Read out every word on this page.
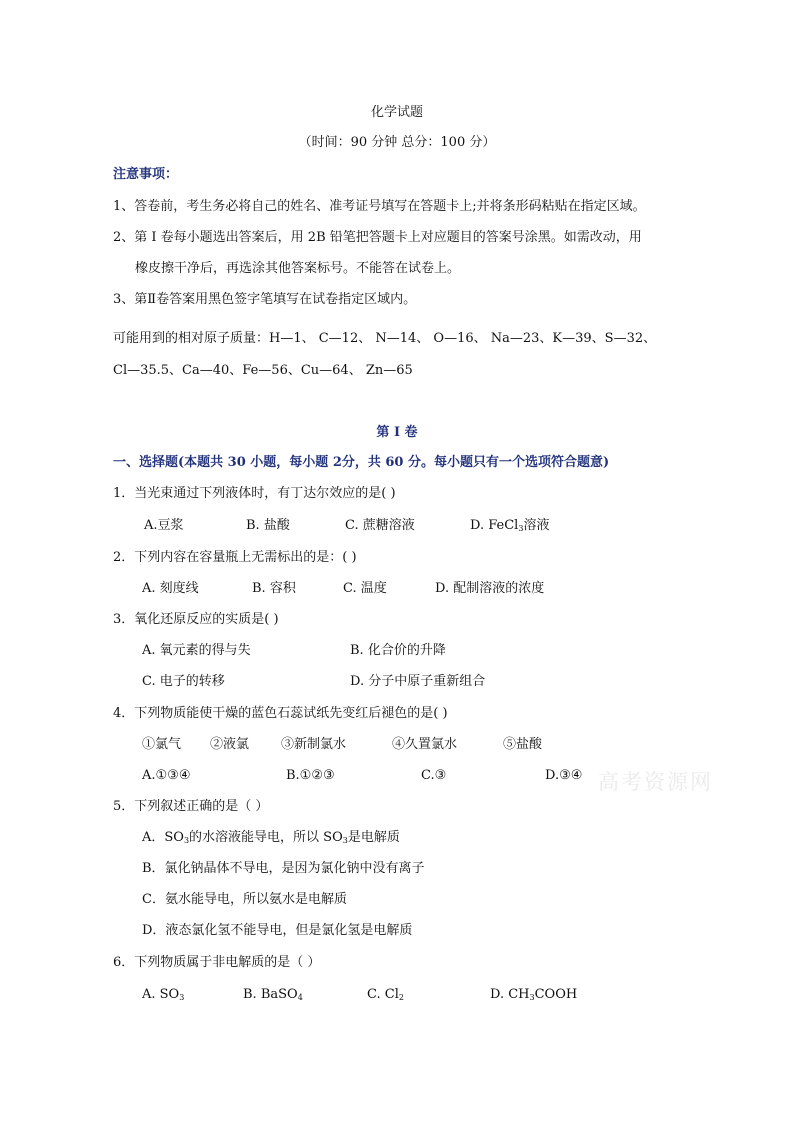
化学试题
（时间：90 分钟 总分：100 分）
注意事项：
1、答卷前，考生务必将自己的姓名、准考证号填写在答题卡上;并将条形码粘贴在指定区域。
2、第 I 卷每小题选出答案后，用 2B 铅笔把答题卡上对应题目的答案号涂黑。如需改动，用
橡皮擦干净后，再选涂其他答案标号。不能答在试卷上。
3、第Ⅱ卷答案用黑色签字笔填写在试卷指定区域内。
可能用到的相对原子质量：H—1、 C—12、 N—14、 O—16、 Na—23、K—39、S—32、
Cl—35.5、Ca—40、Fe—56、Cu—64、 Zn—65
第 I 卷
一、选择题(本题共 30 小题，每小题 2分，共 60 分。每小题只有一个选项符合题意)
1．当光束通过下列液体时，有丁达尔效应的是( )
A.豆浆	B. 盐酸	C. 蔗糖溶液	D. FeCl$_3$溶液
2．下列内容在容量瓶上无需标出的是：( )
A. 刻度线	B. 容积	C. 温度	D. 配制溶液的浓度
3．氧化还原反应的实质是( )
A. 氧元素的得与失	B. 化合价的升降
C. 电子的转移	D. 分子中原子重新组合
4．下列物质能使干燥的蓝色石蕊试纸先变红后褪色的是( )
①氯气 ②液氯 ③新制氯水	④久置氯水	⑤盐酸
A.①③④	B.①②③	C.③	D.③④ 高考资源网
5．下列叙述正确的是（ ）
A．$SO_3$的水溶液能导电，所以 $SO_3$是电解质
B．氯化钠晶体不导电，是因为氯化钠中没有离子
C．氨水能导电，所以氨水是电解质
D．液态氯化氢不能导电，但是氯化氢是电解质
6．下列物质属于非电解质的是（ ）
A. $SO_3$	B. BaSO$_4$	C. $Cl_2$	D. $CH_3COOH$
